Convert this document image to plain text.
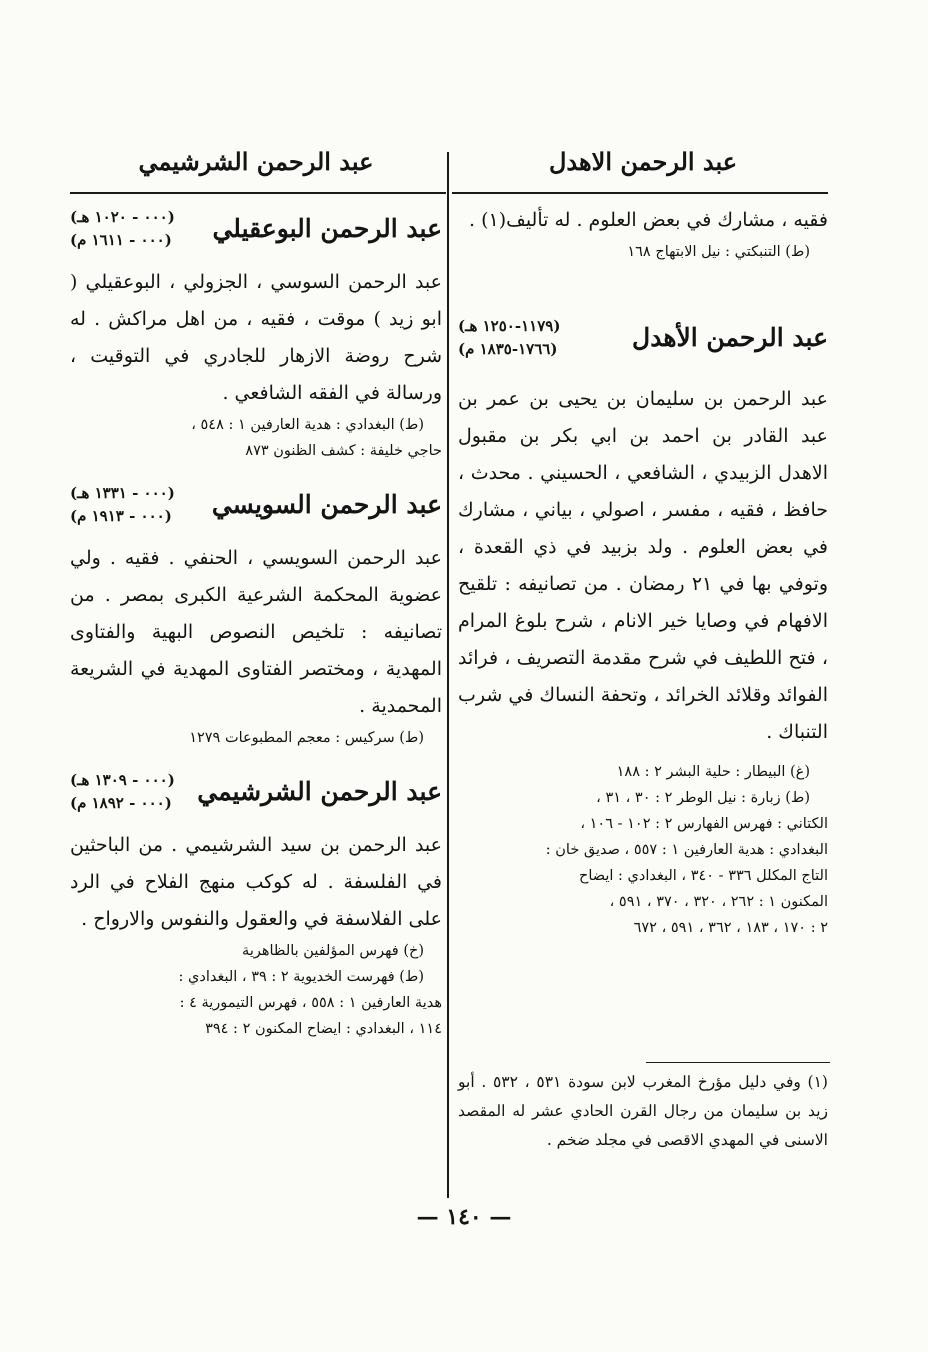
عبد الرحمن الاهدل

فقيه ، مشارك في بعض العلوم . له تأليف(١) .

(ط) التنبكتي : نيل الابتهاج ١٦٨

عبد الرحمن الأهدل
(١١٧٩-١٢٥٠ هـ)
(١٧٦٦-١٨٣٥ م)

عبد الرحمن بن سليمان بن يحيى بن عمر بن عبد القادر بن احمد بن ابي بكر بن مقبول الاهدل الزبيدي ، الشافعي ، الحسيني . محدث ، حافظ ، فقيه ، مفسر ، اصولي ، بياني ، مشارك في بعض العلوم . ولد بزبيد في ذي القعدة ، وتوفي بها في ٢١ رمضان . من تصانيفه : تلقيح الافهام في وصايا خير الانام ، شرح بلوغ المرام ، فتح اللطيف في شرح مقدمة التصريف ، فرائد الفوائد وقلائد الخرائد ، وتحفة النساك في شرب التنباك .

(غ) البيطار : حلية البشر ٢ : ١٨٨

(ط) زبارة : نيل الوطر ٢ : ٣٠ ، ٣١ ،

الكتاني : فهرس الفهارس ٢ : ١٠٢ - ١٠٦ ،

البغدادي : هدية العارفين ١ : ٥٥٧ ، صديق خان :

التاج المكلل ٣٣٦ - ٣٤٠ ، البغدادي : ايضاح

المكنون ١ : ٢٦٢ ، ٣٢٠ ، ٣٧٠ ، ٥٩١ ،

٢ : ١٧٠ ، ١٨٣ ، ٣٦٢ ، ٥٩١ ، ٦٧٢

عبد الرحمن الشرشيمي
عبد الرحمن البوعقيلي
(٠٠٠ - ١٠٢٠ هـ)
(٠٠٠ - ١٦١١ م)

عبد الرحمن السوسي ، الجزولي ، البوعقيلي ( ابو زيد ) موقت ، فقيه ، من اهل مراكش . له شرح روضة الازهار للجادري في التوقيت ، ورسالة في الفقه الشافعي .

(ط) البغدادي : هدية العارفين ١ : ٥٤٨ ،

حاجي خليفة : كشف الظنون ٨٧٣

عبد الرحمن السويسي
(٠٠٠ - ١٣٣١ هـ)
(٠٠٠ - ١٩١٣ م)

عبد الرحمن السويسي ، الحنفي . فقيه . ولي عضوية المحكمة الشرعية الكبرى بمصر . من تصانيفه : تلخيص النصوص البهية والفتاوى المهدية ، ومختصر الفتاوى المهدية في الشريعة المحمدية .

(ط) سركيس : معجم المطبوعات ١٢٧٩

عبد الرحمن الشرشيمي
(٠٠٠ - ١٣٠٩ هـ)
(٠٠٠ - ١٨٩٢ م)

عبد الرحمن بن سيد الشرشيمي . من الباحثين في الفلسفة . له كوكب منهج الفلاح في الرد على الفلاسفة في والعقول والنفوس والارواح .

(خ) فهرس المؤلفين بالظاهرية

(ط) فهرست الخديوية ٢ : ٣٩ ، البغدادي :

هدية العارفين ١ : ٥٥٨ ، فهرس التيمورية ٤ :

١١٤ ، البغدادي : ايضاح المكنون ٢ : ٣٩٤

(١) وفي دليل مؤرخ المغرب لابن سودة ٥٣١ ، ٥٣٢ . أبو زيد بن سليمان من رجال القرن الحادي عشر له المقصد الاسنى في المهدي الاقصى في مجلد ضخم .
— ١٤٠ —
